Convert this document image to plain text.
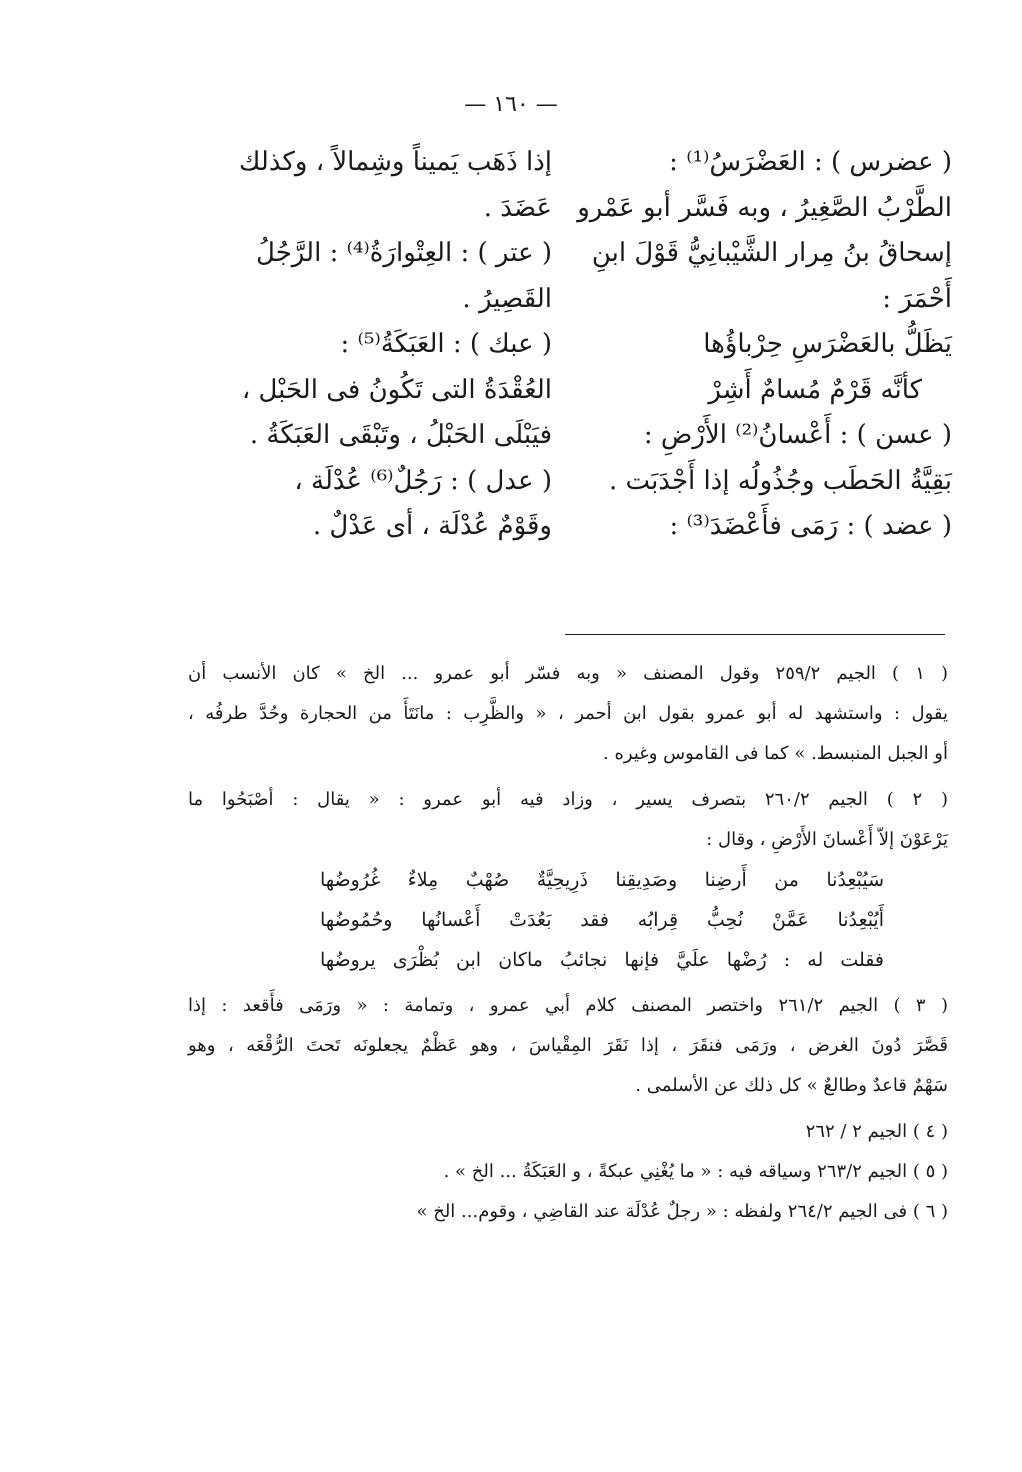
— ١٦٠ —
( عضرس ) : العَضْرَسُ⁽¹⁾ :
الطَّرْبُ الصَّغِيرُ ، وبه فَسَّر أبو عَمْرو
إسحاقُ بنُ مِرار الشَّيْبانِيُّ قَوْلَ ابنِ
أَحْمَرَ :
يَظَلُّ بالعَضْرَسِ حِرْباؤُها
كأنَّه قَرْمٌ مُسامٌ أَشِرْ
( عسن ) : أَعْسانُ⁽²⁾ الأَرْضِ :
بَقِيَّةُ الحَطَب وجُذُولُه إذا أَجْدَبَت .
( عضد ) : رَمَى فأَعْضَدَ⁽³⁾ :
إذا ذَهَب يَميناً وشِمالاً ، وكذلك
عَضَدَ .
( عتر ) : العِتْوارَةُ⁽⁴⁾ : الرَّجُلُ
القَصِيرُ .
( عبك ) : العَبَكَةُ⁽⁵⁾ :
العُقْدَةُ التى تَكُونُ فى الحَبْل ،
فيَبْلَى الحَبْلُ ، وتَبْقَى العَبَكَةُ .
( عدل ) : رَجُلٌ⁽⁶⁾ عُدْلَة ،
وقَوْمٌ عُدْلَة ، أى عَدْلٌ .
( ١ ) الجيم ٢٥٩/٢ وقول المصنف « وبه فسّر أبو عمرو ... الخ » كان الأنسب أن
يقول : واستشهد له أبو عمرو بقول ابن أحمر ، « والظَّرِب : مانَتَأَ من الحجارة وحُدَّ طرفُه ،
أو الجبل المنبسط. » كما فى القاموس وغيره .
( ٢ ) الجيم ٢٦٠/٢ بتصرف يسير ، وزاد فيه أبو عمرو : « يقال : أصْبَحُوا ما
يَرْعَوْنَ إلاّ أَعْسانَ الأَرْضِ ، وقال :
سَيُبْعِدُنا من أَرضِنا وصَدِيقِنا ذَرِيحِيَّةٌ صُهْبٌ مِلاءٌ غُرُوضُها
أَيُبْعِدُنا عَمَّنْ نُحِبُّ قِرابُه فقد بَعُدَتْ أَعْسانُها وحُمُوضُها
فقلت له : رُضْها علَيَّ فإنها نجائبُ ماكان ابن بُظْرَى يروضُها
( ٣ ) الجيم ٢٦١/٢ واختصر المصنف كلام أبي عمرو ، وتمامة : « ورَمَى فأَقعد : إذا
قَصَّرَ دُونَ الغرض ، ورَمَى فنقَرَ ، إذا نَقَرَ المِقْياسَ ، وهو عَظْمٌ يجعلونَه تَحتَ الرُّقْعَه ، وهو
سَهْمٌ قاعدٌ وطالعٌ » كل ذلك عن الأسلمى .
( ٤ ) الجيم ٢ / ٢٦٢
( ٥ ) الجيم ٢٦٣/٢ وسياقه فيه : « ما يُغْنِي عبكةً ، و العَبَكَةُ ... الخ » .
( ٦ ) فى الجيم ٢٦٤/٢ ولفظه : « رجلٌ عُدْلَة عند القاضِي ، وقوم... الخ »
